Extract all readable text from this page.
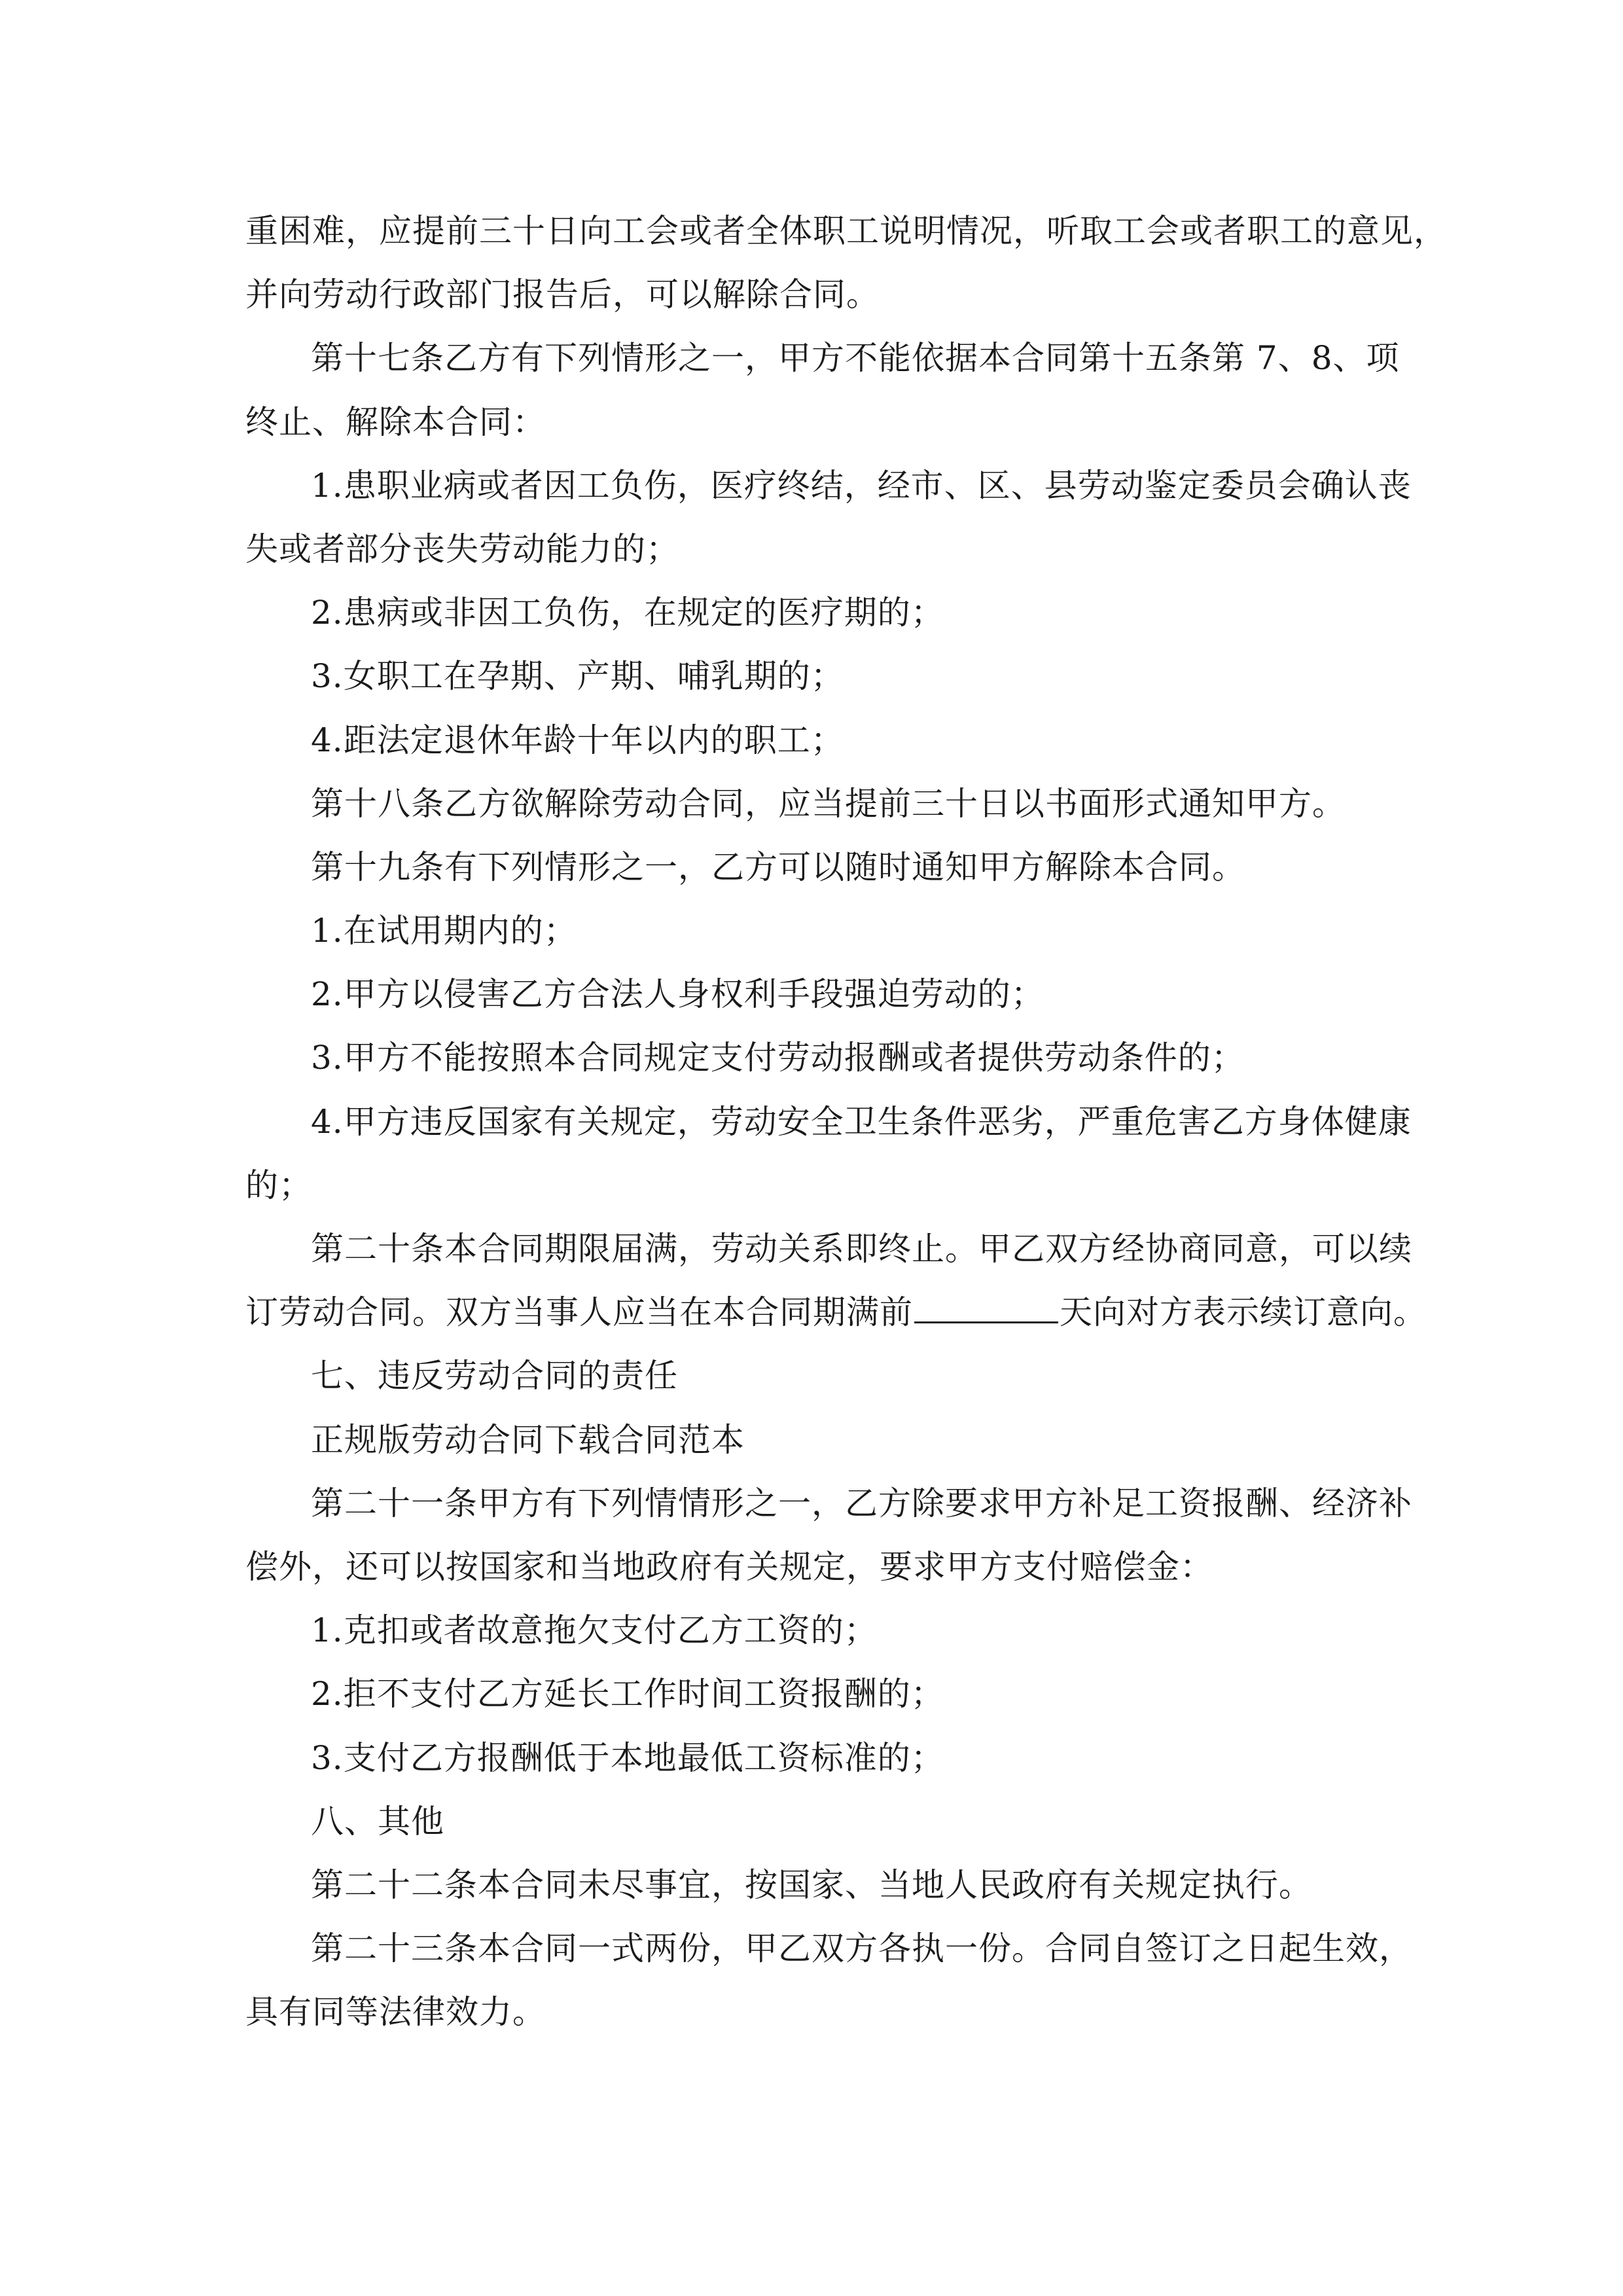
重困难，应提前三十日向工会或者全体职工说明情况，听取工会或者职工的意见，
并向劳动行政部门报告后，可以解除合同。
第十七条乙方有下列情形之一，甲方不能依据本合同第十五条第 7、8、项
终止、解除本合同：
1.患职业病或者因工负伤，医疗终结，经市、区、县劳动鉴定委员会确认丧
失或者部分丧失劳动能力的；
2.患病或非因工负伤，在规定的医疗期的；
3.女职工在孕期、产期、哺乳期的；
4.距法定退休年龄十年以内的职工；
第十八条乙方欲解除劳动合同，应当提前三十日以书面形式通知甲方。
第十九条有下列情形之一，乙方可以随时通知甲方解除本合同。
1.在试用期内的；
2.甲方以侵害乙方合法人身权利手段强迫劳动的；
3.甲方不能按照本合同规定支付劳动报酬或者提供劳动条件的；
4.甲方违反国家有关规定，劳动安全卫生条件恶劣，严重危害乙方身体健康
的；
第二十条本合同期限届满，劳动关系即终止。甲乙双方经协商同意，可以续
订劳动合同。双方当事人应当在本合同期满前	天向对方表示续订意向。
七、违反劳动合同的责任
正规版劳动合同下载合同范本
第二十一条甲方有下列情情形之一，乙方除要求甲方补足工资报酬、经济补
偿外，还可以按国家和当地政府有关规定，要求甲方支付赔偿金：
1.克扣或者故意拖欠支付乙方工资的；
2.拒不支付乙方延长工作时间工资报酬的；
3.支付乙方报酬低于本地最低工资标准的；
八、其他
第二十二条本合同未尽事宜，按国家、当地人民政府有关规定执行。
第二十三条本合同一式两份，甲乙双方各执一份。合同自签订之日起生效，
具有同等法律效力。
